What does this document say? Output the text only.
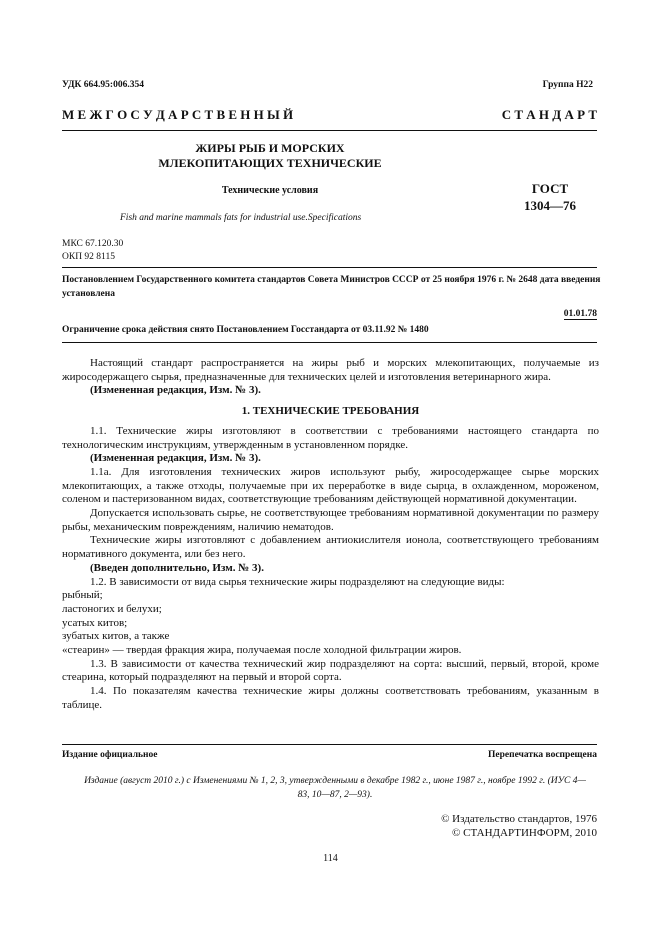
УДК 664.95:006.354	Группа Н22
М Е Ж Г О С У Д А Р С Т В Е Н Н Ы Й	С Т А Н Д А Р Т
ЖИРЫ РЫБ И МОРСКИХ
МЛЕКОПИТАЮЩИХ ТЕХНИЧЕСКИЕ
Технические условия
Fish and marine mammals fats for industrial use.Specifications
ГОСТ
1304—76
МКС 67.120.30
ОКП 92 8115
Постановлением Государственного комитета стандартов Совета Министров СССР от 25 ноября 1976 г. № 2648 дата введения установлена
01.01.78
Ограничение срока действия снято Постановлением Госстандарта от 03.11.92 № 1480

Настоящий стандарт распространяется на жиры рыб и морских млекопитающих, получаемые из жиросодержащего сырья, предназначенные для технических целей и изготовления ветеринарного жира.

(Измененная редакция, Изм. № 3).

1. ТЕХНИЧЕСКИЕ ТРЕБОВАНИЯ

1.1. Технические жиры изготовляют в соответствии с требованиями настоящего стандарта по технологическим инструкциям, утвержденным в установленном порядке.

(Измененная редакция, Изм. № 3).

1.1а. Для изготовления технических жиров используют рыбу, жиросодержащее сырье морских млекопитающих, а также отходы, получаемые при их переработке в виде сырца, в охлажденном, мороженом, соленом и пастеризованном видах, соответствующие требованиям действующей нормативной документации.

Допускается использовать сырье, не соответствующее требованиям нормативной документации по размеру рыбы, механическим повреждениям, наличию нематодов.

Технические жиры изготовляют с добавлением антиокислителя ионола, соответствующего требованиям нормативного документа, или без него.

(Введен дополнительно, Изм. № 3).

1.2. В зависимости от вида сырья технические жиры подразделяют на следующие виды:

рыбный;

ластоногих и белухи;

усатых китов;

зубатых китов, а также

«стеарин» — твердая фракция жира, получаемая после холодной фильтрации жиров.

1.3. В зависимости от качества технический жир подразделяют на сорта: высший, первый, второй, кроме стеарина, который подразделяют на первый и второй сорта.

1.4. По показателям качества технические жиры должны соответствовать требованиям, указанным в таблице.

Издание официальное	Перепечатка воспрещена
Издание (август 2010 г.) с Изменениями № 1, 2, 3, утвержденными в декабре 1982 г., июне 1987 г., ноябре 1992 г. (ИУС 4—83, 10—87, 2—93).
© Издательство стандартов, 1976
© СТАНДАРТИНФОРМ, 2010
114
